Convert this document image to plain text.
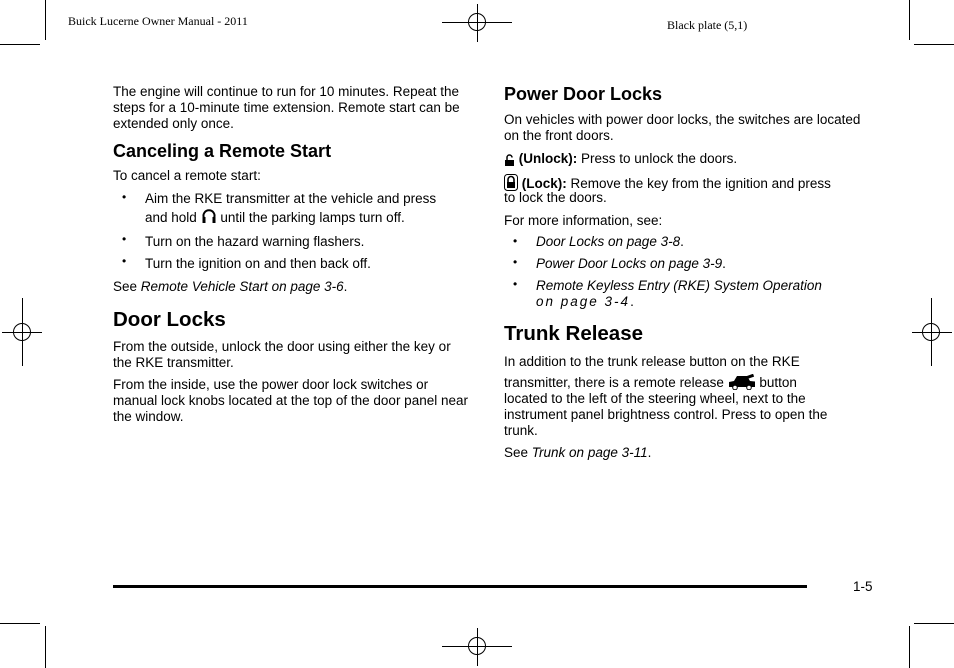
Buick Lucerne Owner Manual - 2011	Black plate (5,1)

The engine will continue to run for 10 minutes. Repeat the steps for a 10-minute time extension. Remote start can be extended only once.

Canceling a Remote Start

To cancel a remote start:

• Aim the RKE transmitter at the vehicle and press

and hold until the parking lamps turn off.

• Turn on the hazard warning flashers.

• Turn the ignition on and then back off.

See Remote Vehicle Start on page 3-6.

Door Locks

From the outside, unlock the door using either the key or the RKE transmitter.

From the inside, use the power door lock switches or manual lock knobs located at the top of the door panel near the window.

Power Door Locks

On vehicles with power door locks, the switches are located on the front doors.

(Unlock): Press to unlock the doors.

(Lock): Remove the key from the ignition and press

to lock the doors.

For more information, see:

• Door Locks on page 3-8.

• Power Door Locks on page 3-9.

• Remote Keyless Entry (RKE) System Operation

on page 3-4.

Trunk Release

In addition to the trunk release button on the RKE

transmitter, there is a remote release	button

located to the left of the steering wheel, next to the instrument panel brightness control. Press to open the trunk.

See Trunk on page 3-11.

1-5
